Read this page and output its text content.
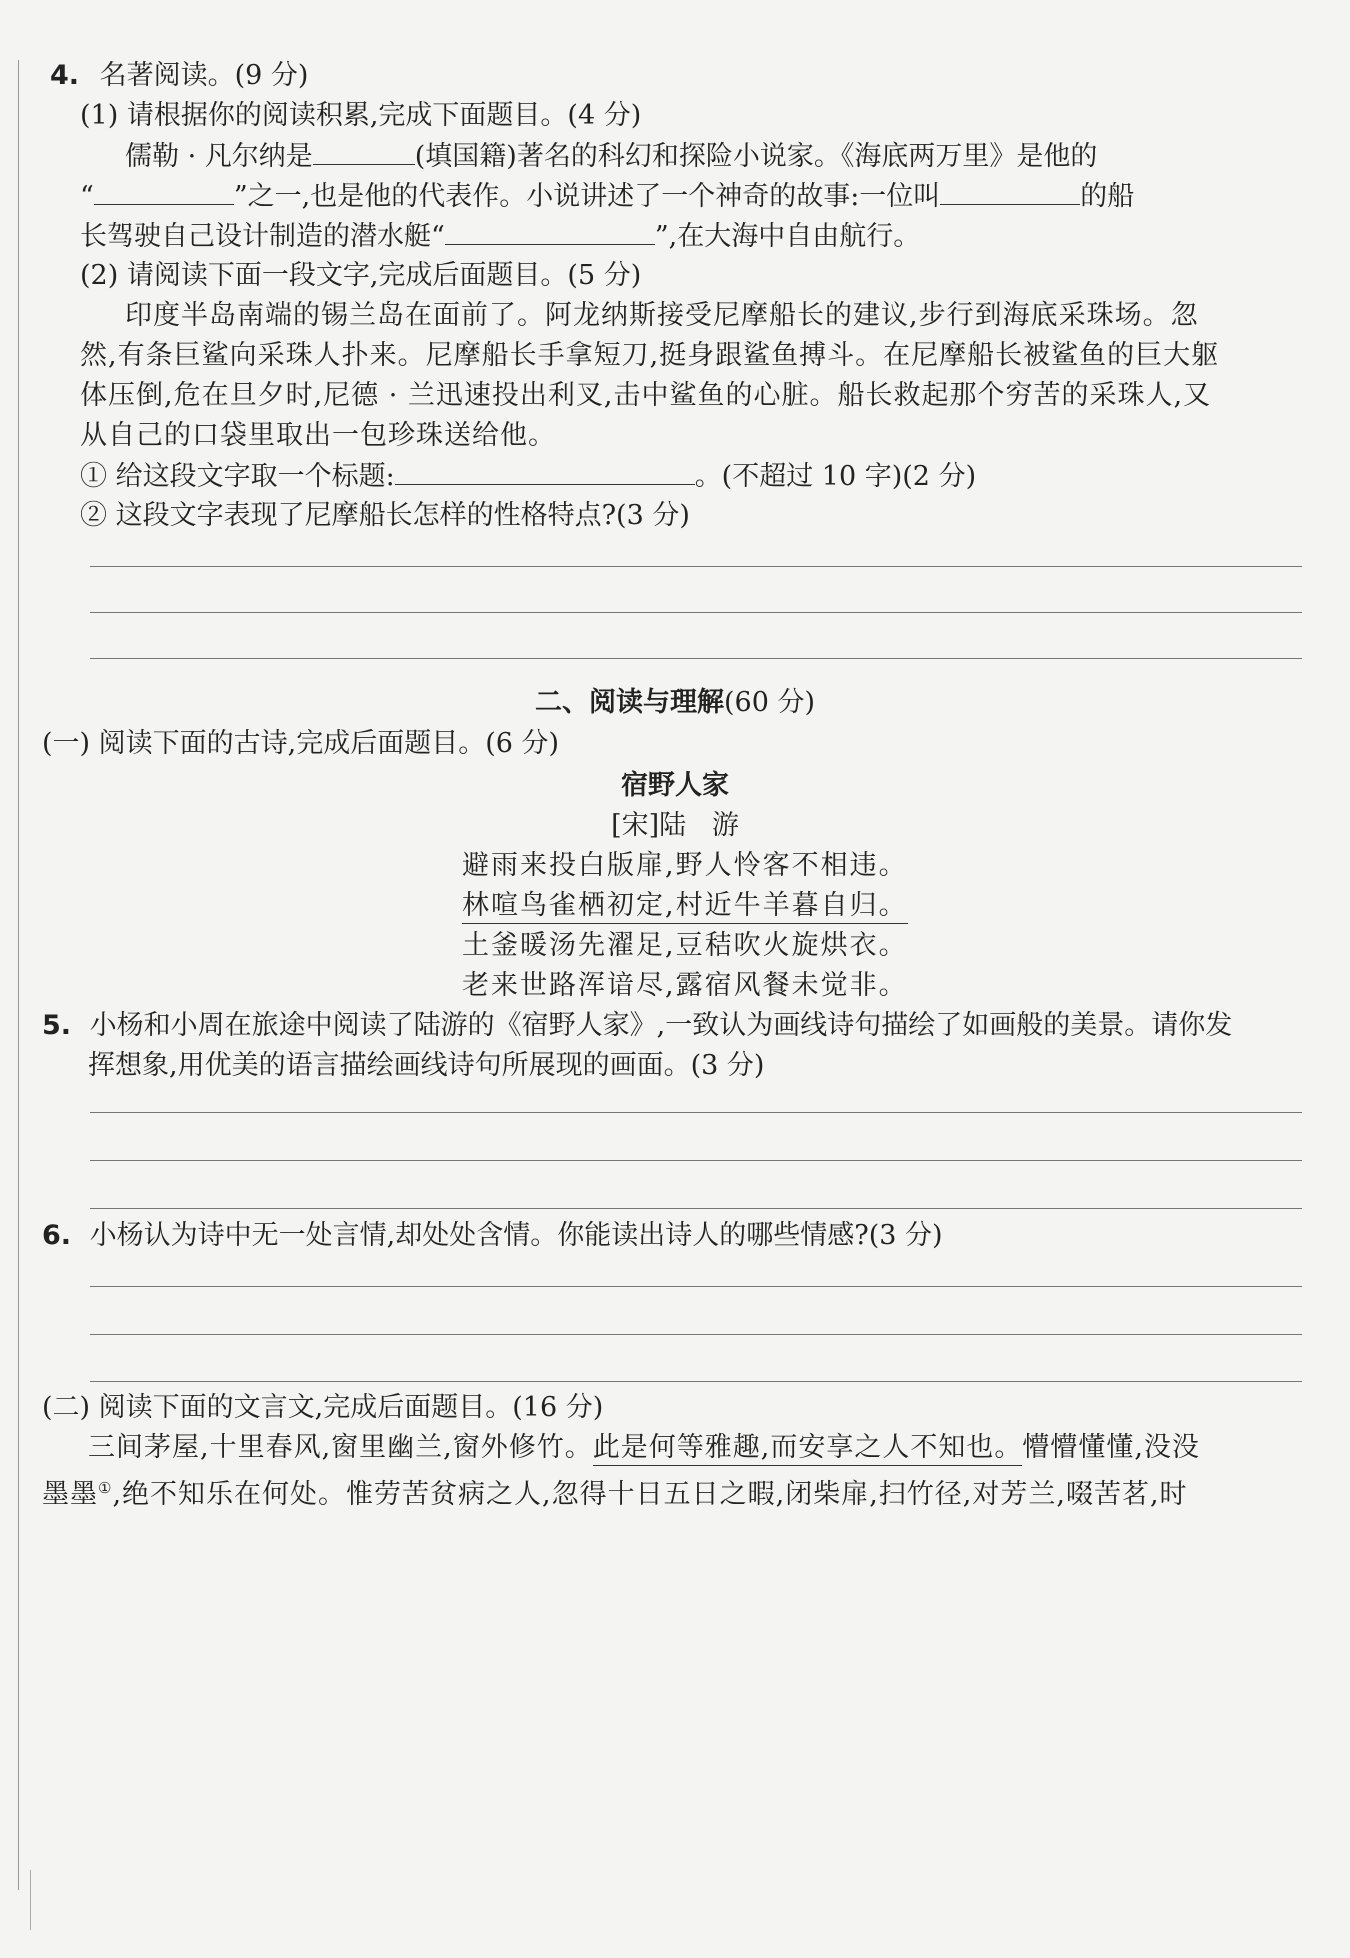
4. 名著阅读。(9 分)
(1) 请根据你的阅读积累,完成下面题目。(4 分)
儒勒 · 凡尔纳是	(填国籍)著名的科幻和探险小说家。《海底两万里》是他的
“	”之一,也是他的代表作。小说讲述了一个神奇的故事:一位叫	的船
长驾驶自己设计制造的潜水艇“	”,在大海中自由航行。
(2) 请阅读下面一段文字,完成后面题目。(5 分)
印度半岛南端的锡兰岛在面前了。阿龙纳斯接受尼摩船长的建议,步行到海底采珠场。忽
然,有条巨鲨向采珠人扑来。尼摩船长手拿短刀,挺身跟鲨鱼搏斗。在尼摩船长被鲨鱼的巨大躯
体压倒,危在旦夕时,尼德 · 兰迅速投出利叉,击中鲨鱼的心脏。船长救起那个穷苦的采珠人,又
从自己的口袋里取出一包珍珠送给他。
① 给这段文字取一个标题:	。(不超过 10 字)(2 分)
② 这段文字表现了尼摩船长怎样的性格特点?(3 分)
二、阅读与理解(60 分)
(一) 阅读下面的古诗,完成后面题目。(6 分)
宿野人家
[宋]陆   游
避雨来投白版扉,野人怜客不相违。
林喧鸟雀栖初定,村近牛羊暮自归。
土釜暖汤先濯足,豆秸吹火旋烘衣。
老来世路浑谙尽,露宿风餐未觉非。
5. 小杨和小周在旅途中阅读了陆游的《宿野人家》,一致认为画线诗句描绘了如画般的美景。请你发
挥想象,用优美的语言描绘画线诗句所展现的画面。(3 分)
6. 小杨认为诗中无一处言情,却处处含情。你能读出诗人的哪些情感?(3 分)
(二) 阅读下面的文言文,完成后面题目。(16 分)
三间茅屋,十里春风,窗里幽兰,窗外修竹。此是何等雅趣,而安享之人不知也。懵懵懂懂,没没
墨墨①,绝不知乐在何处。惟劳苦贫病之人,忽得十日五日之暇,闭柴扉,扫竹径,对芳兰,啜苦茗,时
